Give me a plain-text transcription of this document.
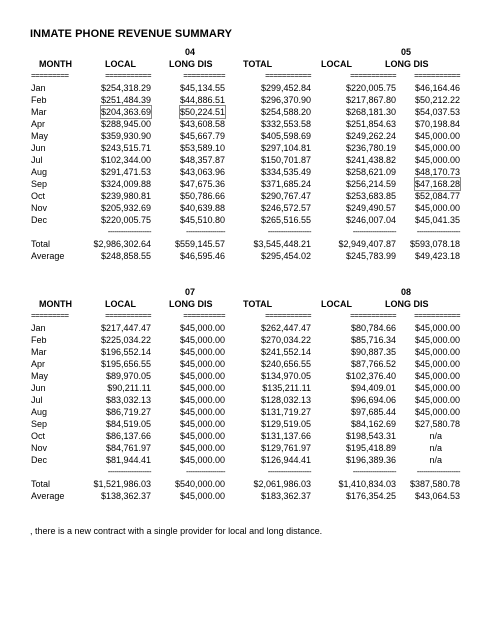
INMATE PHONE REVENUE SUMMARY
04	05
MONTH	LOCAL	LONG DIS	TOTAL	LOCAL	LONG DIS
=========	===========	==========	===========	=========== ===========
Jan	$254,318.29	$45,134.55	$299,452.84	$220,005.75 $46,164.46
Feb	$251,484.39	$44,886.51	$296,370.90	$217,867.80 $50,212.22
Mar	$204,363.69	$50,224.51	$254,588.20	$268,181.30 $54,037.53
Apr	$288,945.00	$43,608.58	$332,553.58	$251,854.63 $70,198.84
May	$359,930.90	$45,667.79	$405,598.69	$249,262.24 $45,000.00
Jun	$243,515.71	$53,589.10	$297,104.81	$236,780.19 $45,000.00
Jul	$102,344.00	$48,357.87	$150,701.87	$241,438.82 $45,000.00
Aug	$291,471.53	$43,063.96	$334,535.49	$258,621.09 $48,170.73
Sep	$324,009.88	$47,675.36	$371,685.24	$256,214.59 $47,168.28
Oct	$239,980.81	$50,786.66	$290,767.47	$253,683.85 $52,084.77
Nov	$205,932.69	$40,639.88	$246,572.57	$249,490.57 $45,000.00
Dec	$220,005.75	$45,510.80	$265,516.55	$246,007.04 $45,041.35
--------------------	------------------	--------------------	--------------------	--------------------
Total	$2,986,302.64	$559,145.57	$3,545,448.21	$2,949,407.87 $593,078.18
Average	$248,858.55	$46,595.46	$295,454.02	$245,783.99 $49,423.18
07	08
MONTH	LOCAL	LONG DIS	TOTAL	LOCAL	LONG DIS
=========	===========	==========	===========	=========== ===========
Jan	$217,447.47	$45,000.00	$262,447.47	$80,784.66 $45,000.00
Feb	$225,034.22	$45,000.00	$270,034.22	$85,716.34 $45,000.00
Mar	$196,552.14	$45,000.00	$241,552.14	$90,887.35 $45,000.00
Apr	$195,656.55	$45,000.00	$240,656.55	$87,766.52 $45,000.00
May	$89,970.05	$45,000.00	$134,970.05	$102,376.40 $45,000.00
Jun	$90,211.11	$45,000.00	$135,211.11	$94,409.01 $45,000.00
Jul	$83,032.13	$45,000.00	$128,032.13	$96,694.06 $45,000.00
Aug	$86,719.27	$45,000.00	$131,719.27	$97,685.44 $45,000.00
Sep	$84,519.05	$45,000.00	$129,519.05	$84,162.69 $27,580.78
Oct	$86,137.66	$45,000.00	$131,137.66	$198,543.31	n/a
Nov	$84,761.97	$45,000.00	$129,761.97	$195,418.89	n/a
Dec	$81,944.41	$45,000.00	$126,944.41	$196,389.36	n/a
--------------------	------------------	--------------------	--------------------	--------------------
Total	$1,521,986.03	$540,000.00	$2,061,986.03	$1,410,834.03 $387,580.78
Average	$138,362.37	$45,000.00	$183,362.37	$176,354.25 $43,064.53
, there is a new contract with a single provider for local and long distance.
